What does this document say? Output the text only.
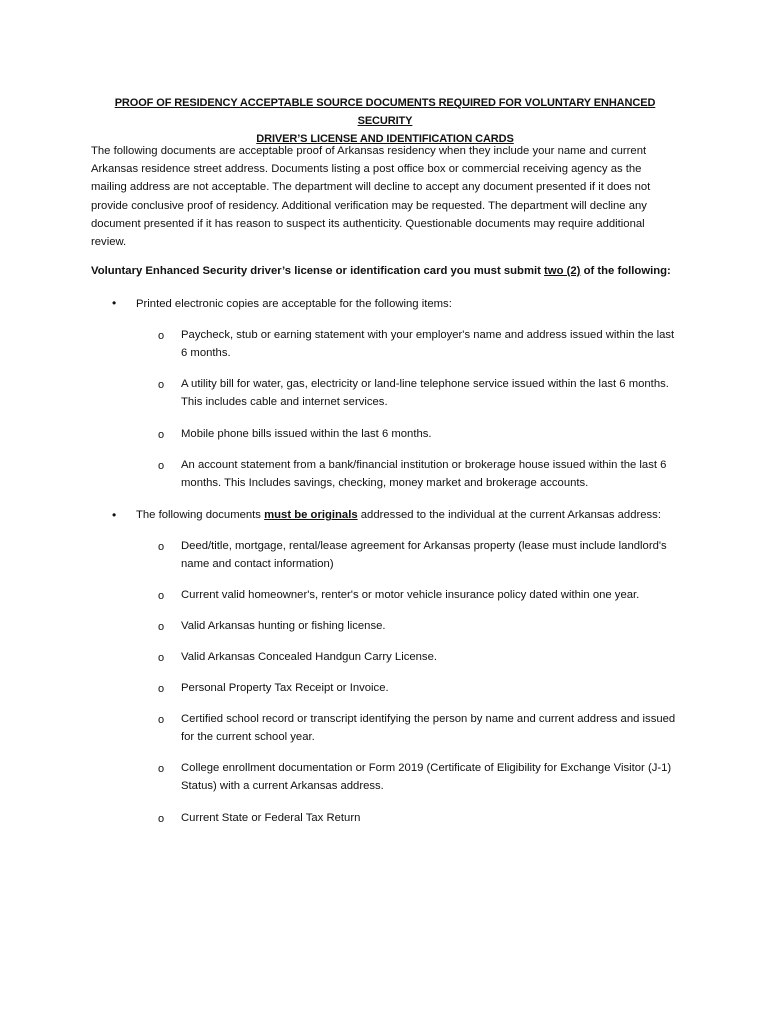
PROOF OF RESIDENCY ACCEPTABLE SOURCE DOCUMENTS REQUIRED FOR VOLUNTARY ENHANCED SECURITY
DRIVER’S LICENSE AND IDENTIFICATION CARDS
The following documents are acceptable proof of Arkansas residency when they include your name and current Arkansas residence street address. Documents listing a post office box or commercial receiving agency as the mailing address are not acceptable. The department will decline to accept any document presented if it does not provide conclusive proof of residency. Additional verification may be requested. The department will decline any document presented if it has reason to suspect its authenticity. Questionable documents may require additional review.
Voluntary Enhanced Security driver’s license or identification card you must submit two (2) of the following:
• Printed electronic copies are acceptable for the following items:
o Paycheck, stub or earning statement with your employer's name and address issued within the last 6 months.
o A utility bill for water, gas, electricity or land-line telephone service issued within the last 6 months. This includes cable and internet services.
o Mobile phone bills issued within the last 6 months.
o An account statement from a bank/financial institution or brokerage house issued within the last 6 months. This Includes savings, checking, money market and brokerage accounts.
• The following documents must be originals addressed to the individual at the current Arkansas address:
o Deed/title, mortgage, rental/lease agreement for Arkansas property (lease must include landlord's name and contact information)
o Current valid homeowner's, renter's or motor vehicle insurance policy dated within one year.
o Valid Arkansas hunting or fishing license.
o Valid Arkansas Concealed Handgun Carry License.
o Personal Property Tax Receipt or Invoice.
o Certified school record or transcript identifying the person by name and current address and issued for the current school year.
o College enrollment documentation or Form 2019 (Certificate of Eligibility for Exchange Visitor (J-1) Status) with a current Arkansas address.
o Current State or Federal Tax Return
